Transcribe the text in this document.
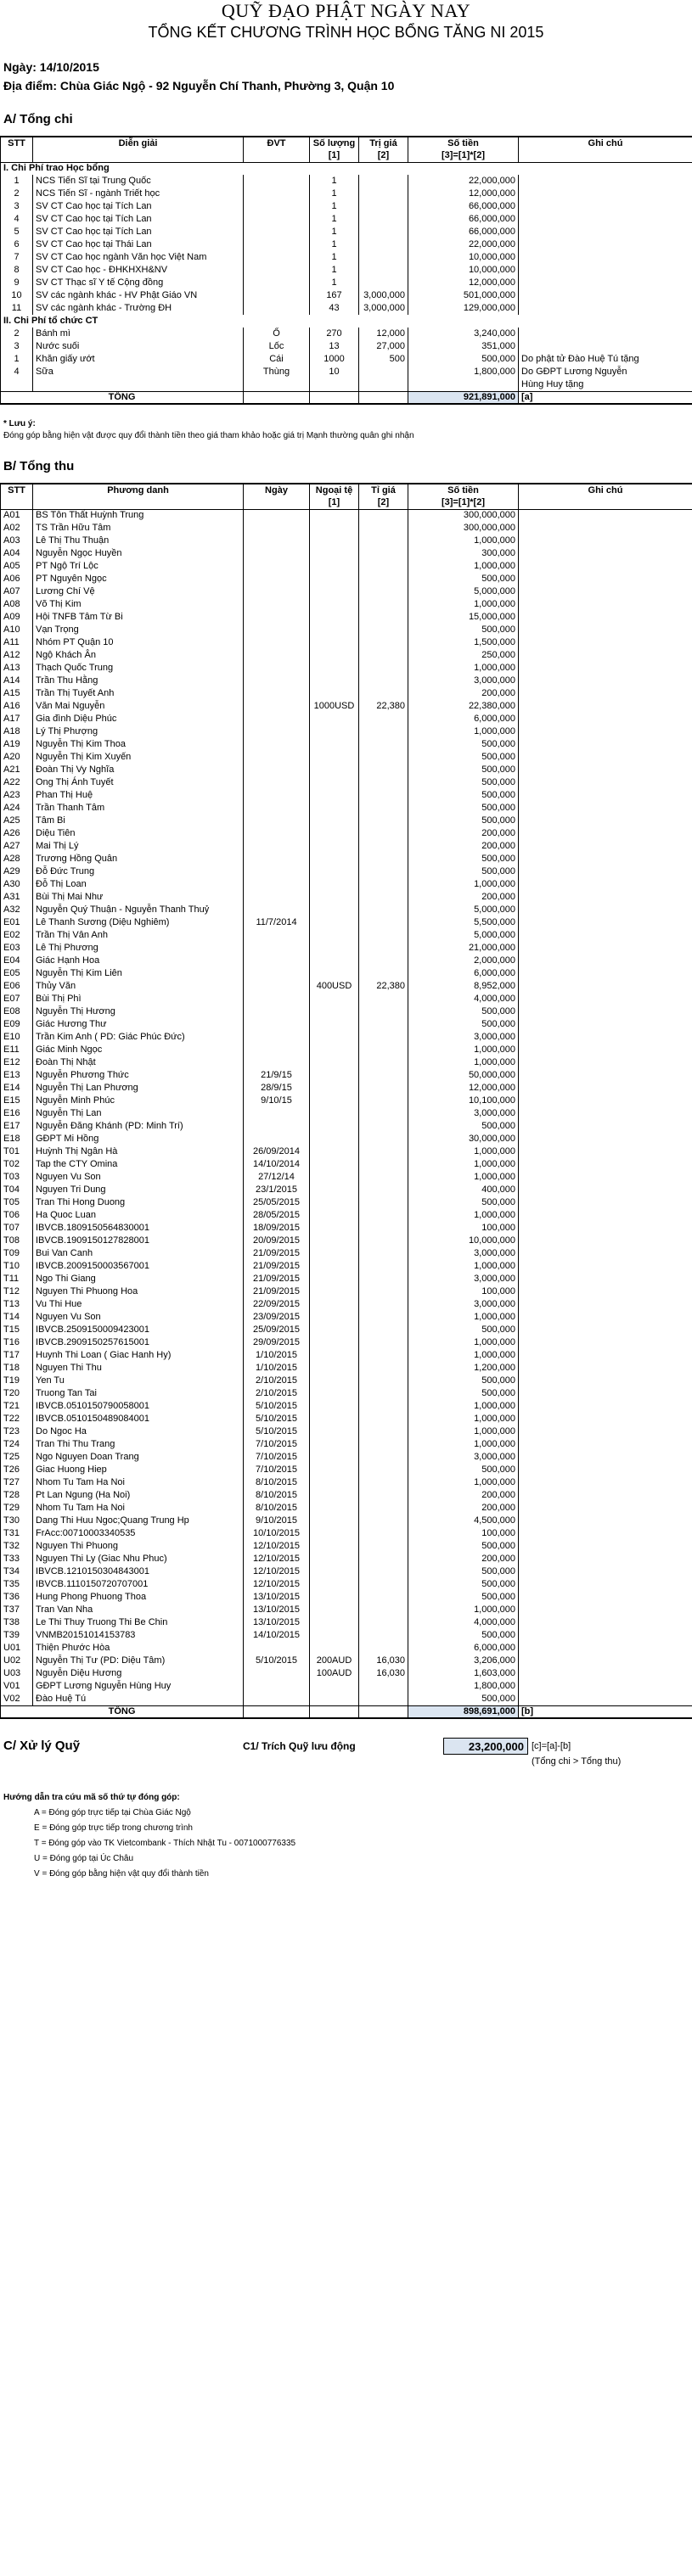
QUỸ ĐẠO PHẬT NGÀY NAY
TỔNG KẾT CHƯƠNG TRÌNH HỌC BỔNG TĂNG NI 2015
Ngày: 14/10/2015
Địa điểm: Chùa Giác Ngộ - 92 Nguyễn Chí Thanh, Phường 3, Quận 10
A/ Tổng chi
STT	Diễn giải	ĐVT	Số lượng	Trị giá	Số tiền	Ghi chú
			[1]	[2]	[3]=[1]*[2]	
I. Chi Phí trao Học bổng						
1	NCS Tiến Sĩ tại Trung Quốc		1		22,000,000	
2	NCS Tiến Sĩ - ngành Triết học		1		12,000,000	
3	SV CT Cao học tại Tích Lan		1		66,000,000	
4	SV CT Cao học tại Tích Lan		1		66,000,000	
5	SV CT Cao học tại Tích Lan		1		66,000,000	
6	SV CT Cao học tại Thái Lan		1		22,000,000	
7	SV CT Cao học ngành Văn học Việt Nam		1		10,000,000	
8	SV CT Cao học - ĐHKHXH&NV		1		10,000,000	
9	SV CT Thạc sĩ Y tế Cộng đồng		1		12,000,000	
10	SV các ngành khác - HV Phật Giáo VN		167	3,000,000	501,000,000	
11	SV các ngành khác - Trường ĐH		43	3,000,000	129,000,000	
II. Chi Phí tổ chức CT						
2	Bánh mì	Ổ	270	12,000	3,240,000	
3	Nước suối	Lốc	13	27,000	351,000	
1	Khăn giấy ướt	Cái	1000	500	500,000	Do phật tử Đào Huệ Tú tặng
4	Sữa	Thùng	10		1,800,000	Do GĐPT Lương Nguyễn
						Hùng Huy tặng
TỔNG					921,891,000	[a]
* Lưu ý:
Đóng góp bằng hiện vật được quy đổi thành tiền theo giá tham khảo hoặc giá trị Mạnh thường quân ghi nhận
B/ Tổng thu
STT	Phương danh	Ngày	Ngoại tệ	Tỉ giá	Số tiền	Ghi chú
			[1]	[2]	[3]=[1]*[2]	
A01	BS Tôn Thất Huỳnh Trung				300,000,000	
A02	TS Trần Hữu Tâm				300,000,000	
A03	Lê Thị Thu Thuận				1,000,000	
A04	Nguyễn Ngọc Huyền				300,000	
A05	PT Ngộ Trí Lộc				1,000,000	
A06	PT Nguyên Ngọc				500,000	
A07	Lương Chí Vệ				5,000,000	
A08	Võ Thị Kim				1,000,000	
A09	Hội TNFB Tâm Từ Bi				15,000,000	
A10	Vạn Trọng				500,000	
A11	Nhóm PT Quận 10				1,500,000	
A12	Ngộ Khách Ân				250,000	
A13	Thạch Quốc Trung				1,000,000	
A14	Trần Thu Hằng				3,000,000	
A15	Trần Thị Tuyết Anh				200,000	
A16	Văn Mai Nguyễn		1000USD	22,380	22,380,000	
A17	Gia đình Diệu Phúc				6,000,000	
A18	Lý Thị Phượng				1,000,000	
A19	Nguyễn Thị Kim Thoa				500,000	
A20	Nguyễn Thị Kim Xuyến				500,000	
A21	Đoàn Thị Vy Nghĩa				500,000	
A22	Ong Thị Ánh Tuyết				500,000	
A23	Phan Thị Huệ				500,000	
A24	Trần Thanh Tâm				500,000	
A25	Tâm Bi				500,000	
A26	Diệu Tiên				200,000	
A27	Mai Thị Lý				200,000	
A28	Trương Hồng Quân				500,000	
A29	Đỗ Đức Trung				500,000	
A30	Đỗ Thị Loan				1,000,000	
A31	Bùi Thị Mai Như				200,000	
A32	Nguyễn Quý Thuận - Nguyễn Thanh Thuỷ				5,000,000	
E01	Lê Thanh Sương (Diệu Nghiêm)	11/7/2014			5,500,000	
E02	Trần Thị Vân Anh				5,000,000	
E03	Lê Thị Phương				21,000,000	
E04	Giác Hạnh Hoa				2,000,000	
E05	Nguyễn Thị Kim Liên				6,000,000	
E06	Thủy Văn		400USD	22,380	8,952,000	
E07	Bùi Thị Phì				4,000,000	
E08	Nguyễn Thị Hương				500,000	
E09	Giác Hương Thư				500,000	
E10	Trần Kim Anh ( PD: Giác Phúc Đức)				3,000,000	
E11	Giác Minh Ngọc				1,000,000	
E12	Đoàn Thị Nhật				1,000,000	
E13	Nguyễn Phương Thức	21/9/15			50,000,000	
E14	Nguyễn Thị Lan Phương	28/9/15			12,000,000	
E15	Nguyễn Minh Phúc	9/10/15			10,100,000	
E16	Nguyễn Thị Lan				3,000,000	
E17	Nguyễn Đăng Khánh (PD: Minh Trí)				500,000	
E18	GĐPT Mi Hồng				30,000,000	
T01	Huỳnh Thị Ngân Hà	26/09/2014			1,000,000	
T02	Tap the CTY Omina	14/10/2014			1,000,000	
T03	Nguyen Vu Son	27/12/14			1,000,000	
T04	Nguyen Tri Dung	23/1/2015			400,000	
T05	Tran Thi Hong Duong	25/05/2015			500,000	
T06	Ha Quoc Luan	28/05/2015			1,000,000	
T07	IBVCB.1809150564830001	18/09/2015			100,000	
T08	IBVCB.1909150127828001	20/09/2015			10,000,000	
T09	Bui Van Canh	21/09/2015			3,000,000	
T10	IBVCB.2009150003567001	21/09/2015			1,000,000	
T11	Ngo Thi Giang	21/09/2015			3,000,000	
T12	Nguyen Thi Phuong Hoa	21/09/2015			100,000	
T13	Vu Thi Hue	22/09/2015			3,000,000	
T14	Nguyen Vu Son	23/09/2015			1,000,000	
T15	IBVCB.2509150009423001	25/09/2015			500,000	
T16	IBVCB.2909150257615001	29/09/2015			1,000,000	
T17	Huynh Thi Loan ( Giac Hanh Hy)	1/10/2015			1,000,000	
T18	Nguyen Thi Thu	1/10/2015			1,200,000	
T19	Yen Tu	2/10/2015			500,000	
T20	Truong Tan Tai	2/10/2015			500,000	
T21	IBVCB.0510150790058001	5/10/2015			1,000,000	
T22	IBVCB.0510150489084001	5/10/2015			1,000,000	
T23	Do Ngoc Ha	5/10/2015			1,000,000	
T24	Tran Thi Thu Trang	7/10/2015			1,000,000	
T25	Ngo Nguyen Doan Trang	7/10/2015			3,000,000	
T26	Giac Huong Hiep	7/10/2015			500,000	
T27	Nhom Tu Tam Ha Noi	8/10/2015			1,000,000	
T28	Pt Lan Ngung (Ha Noi)	8/10/2015			200,000	
T29	Nhom Tu Tam Ha Noi	8/10/2015			200,000	
T30	Dang Thi Huu Ngoc;Quang Trung Hp	9/10/2015			4,500,000	
T31	FrAcc:00710003340535	10/10/2015			100,000	
T32	Nguyen Thi Phuong	12/10/2015			500,000	
T33	Nguyen Thi Ly (Giac Nhu Phuc)	12/10/2015			200,000	
T34	IBVCB.1210150304843001	12/10/2015			500,000	
T35	IBVCB.1110150720707001	12/10/2015			500,000	
T36	Hung Phong Phuong Thoa	13/10/2015			500,000	
T37	Tran Van Nha	13/10/2015			1,000,000	
T38	Le Thi Thuy Truong Thi Be Chin	13/10/2015			4,000,000	
T39	VNMB20151014153783	14/10/2015			500,000	
U01	Thiện Phước Hòa				6,000,000	
U02	Nguyễn Thị Tư (PD: Diệu Tâm)	5/10/2015	200AUD	16,030	3,206,000	
U03	Nguyễn Diệu Hương		100AUD	16,030	1,603,000	
V01	GĐPT Lương Nguyễn Hùng Huy				1,800,000	
V02	Đào Huệ Tú				500,000	
TỔNG					898,691,000	[b]
C/ Xử lý Quỹ	C1/ Trích Quỹ lưu động	23,200,000 [c]=[a]-[b]
(Tổng chi > Tổng thu)
Hướng dẫn tra cứu mã số thứ tự đóng góp:
A = Đóng góp trực tiếp tại Chùa Giác Ngộ
E = Đóng góp trực tiếp trong chương trình
T = Đóng góp vào TK Vietcombank - Thích Nhật Tu - 0071000776335
U = Đóng góp tại Úc Châu
V = Đóng góp bằng hiện vật quy đổi thành tiền
